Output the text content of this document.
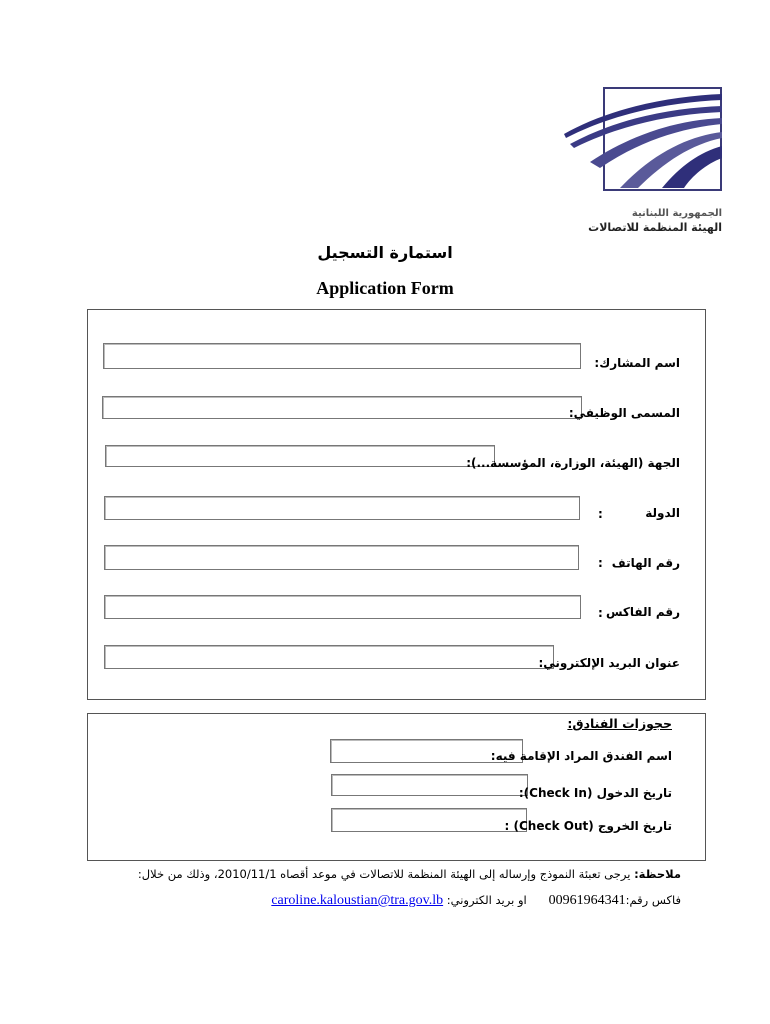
الجمهورية اللبنانية
الهيئة المنظمة للاتصالات
استمارة التسجيل
Application Form
اسم المشارك:
المسمى الوظيفي:
الجهة (الهيئة، الوزارة، المؤسسة...):
:	الدولة
: رقم الهاتف
: رقم الفاكس
عنوان البريد الإلكتروني:
حجوزات الفنادق:
اسم الفندق المراد الإقامة فيه:
تاريخ الدخول (Check In):
تاريخ الخروج (Check Out) :
ملاحظة: يرجى تعبئة النموذج وإرساله إلى الهيئة المنظمة للاتصالات في موعد أقصاه 2010/11/1، وذلك من خلال:
فاكس رقم:00961964341      او بريد الكتروني: caroline.kaloustian@tra.gov.lb
